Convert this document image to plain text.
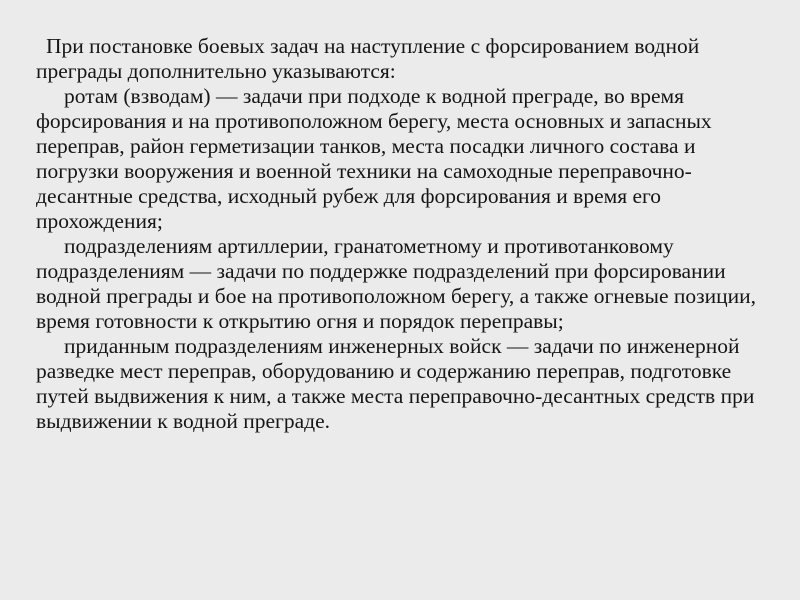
При постановке боевых задач на наступление с форсированием водной преграды дополнительно указываются:

ротам (взводам) — задачи при подходе к водной преграде, во время форсирования и на противоположном берегу, места основных и запасных переправ, район герметизации танков, места посадки личного состава и погрузки вооружения и военной техники на самоходные переправочно-десантные средства, исходный рубеж для форсирования и время его прохождения;

подразделениям артиллерии, гранатометному и противотанковому подразделениям — задачи по поддержке подразделений при форсировании водной преграды и бое на противоположном берегу, а также огневые позиции, время готовности к открытию огня и порядок переправы;

приданным подразделениям инженерных войск — задачи по инженерной разведке мест переправ, оборудованию и содержанию переправ, подготовке путей выдвижения к ним, а также места переправочно-десантных средств при выдвижении к водной преграде.
